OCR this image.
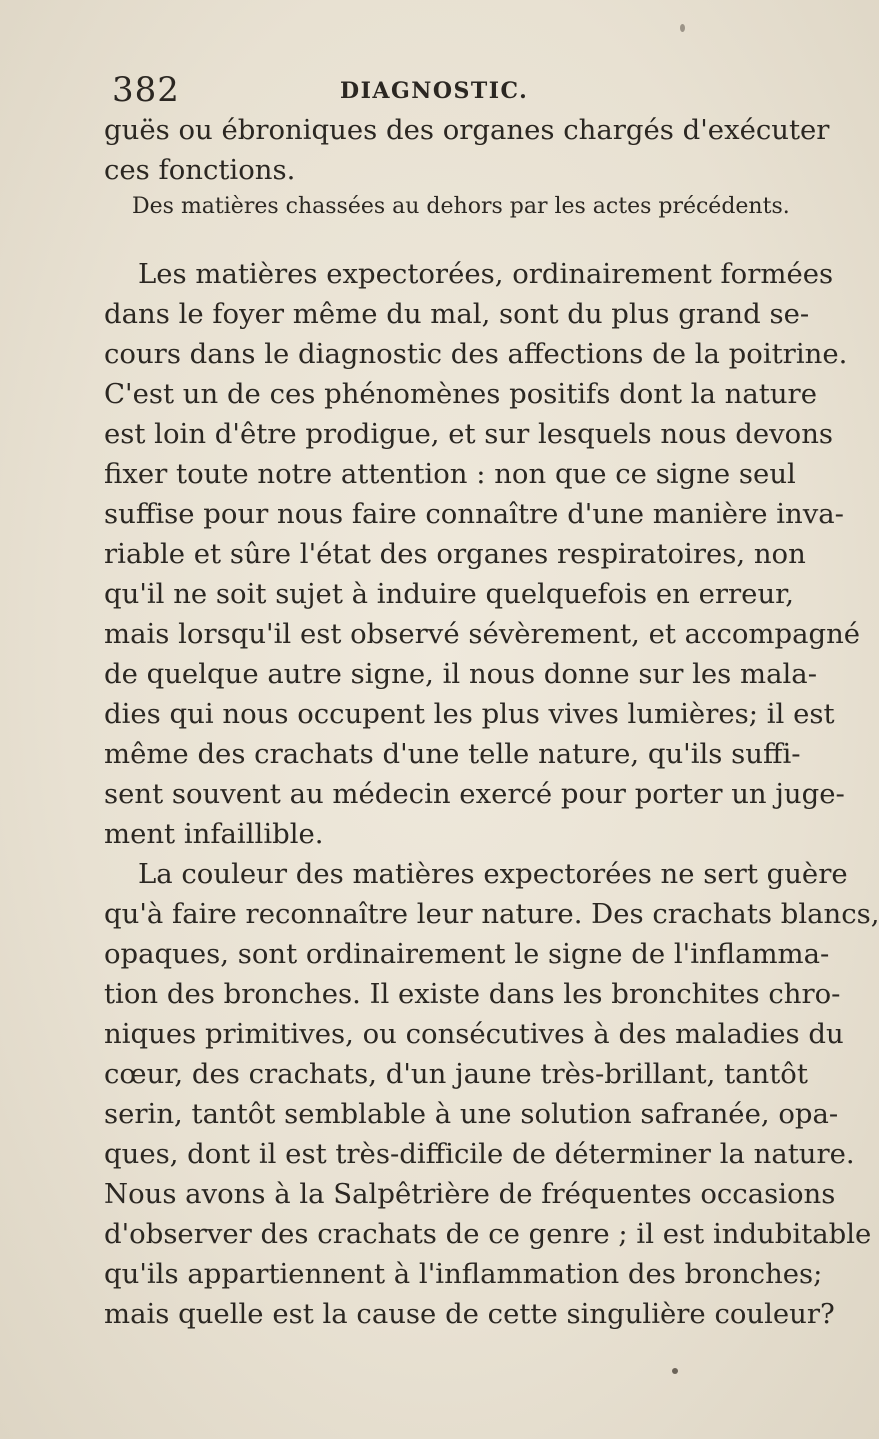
382	DIAGNOSTIC.
guës ou ébroniques des organes chargés d'exécuter
ces fonctions.
Les matières expectorées, ordinairement formées
dans le foyer même du mal, sont du plus grand se-
cours dans le diagnostic des affections de la poitrine.
C'est un de ces phénomènes positifs dont la nature
est loin d'être prodigue, et sur lesquels nous devons
fixer toute notre attention : non que ce signe seul
suffise pour nous faire connaître d'une manière inva-
riable et sûre l'état des organes respiratoires, non
qu'il ne soit sujet à induire quelquefois en erreur,
mais lorsqu'il est observé sévèrement, et accompagné
de quelque autre signe, il nous donne sur les mala-
dies qui nous occupent les plus vives lumières; il est
même des crachats d'une telle nature, qu'ils suffi-
sent souvent au médecin exercé pour porter un juge-
ment infaillible.
La couleur des matières expectorées ne sert guère
qu'à faire reconnaître leur nature. Des crachats blancs,
opaques, sont ordinairement le signe de l'inflamma-
tion des bronches. Il existe dans les bronchites chro-
niques primitives, ou consécutives à des maladies du
cœur, des crachats, d'un jaune très-brillant, tantôt
serin, tantôt semblable à une solution safranée, opa-
ques, dont il est très-difficile de déterminer la nature.
Nous avons à la Salpêtrière de fréquentes occasions
d'observer des crachats de ce genre ; il est indubitable
qu'ils appartiennent à l'inflammation des bronches;
mais quelle est la cause de cette singulière couleur?
Des matières chassées au dehors par les actes précédents.
